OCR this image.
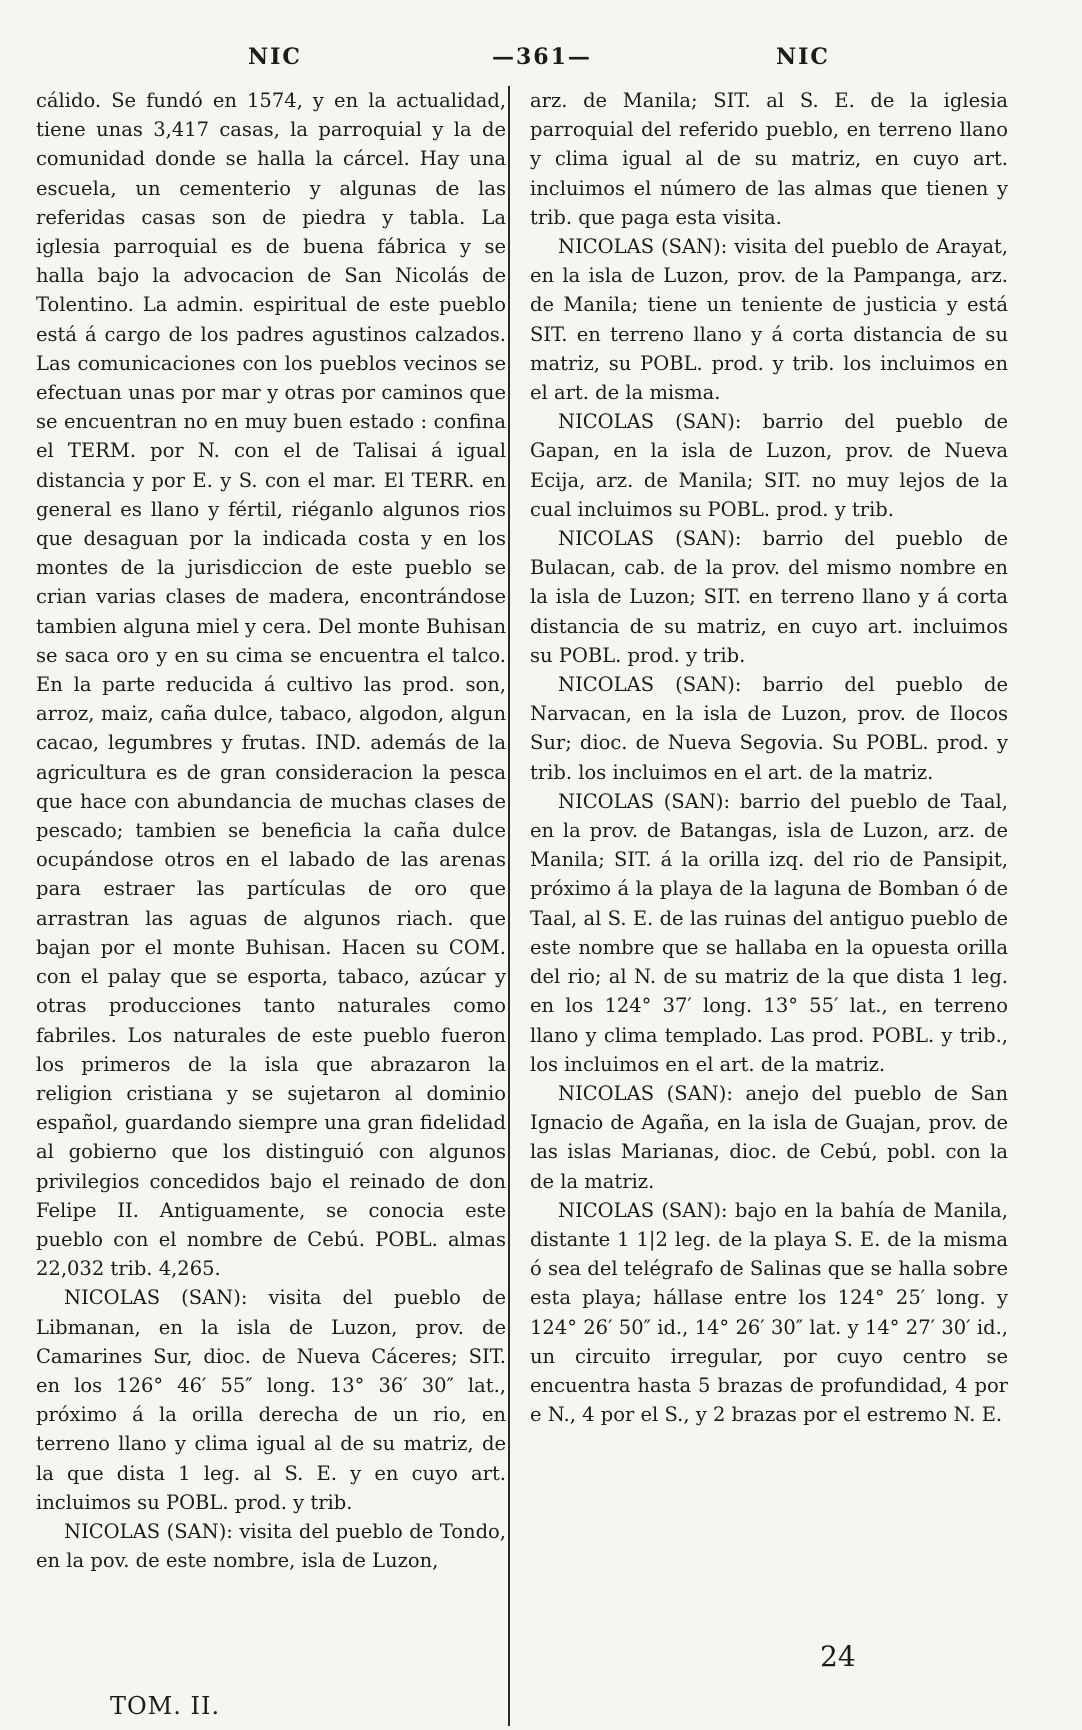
NIC	—361—	NIC

cálido. Se fundó en 1574, y en la actualidad, tiene unas 3,417 casas, la parroquial y la de comunidad donde se halla la cárcel. Hay una escuela, un cementerio y algunas de las referidas casas son de piedra y tabla. La iglesia parroquial es de buena fábrica y se halla bajo la advocacion de San Nicolás de Tolentino. La admin. espiritual de este pueblo está á cargo de los padres agustinos calzados. Las comunicaciones con los pueblos vecinos se efectuan unas por mar y otras por caminos que se encuentran no en muy buen estado : confina el TERM. por N. con el de Talisai á igual distancia y por E. y S. con el mar. El TERR. en general es llano y fértil, riéganlo algunos rios que desaguan por la indicada costa y en los montes de la jurisdiccion de este pueblo se crian varias clases de madera, encontrándose tambien alguna miel y cera. Del monte Buhisan se saca oro y en su cima se encuentra el talco. En la parte reducida á cultivo las prod. son, arroz, maiz, caña dulce, tabaco, algodon, algun cacao, legumbres y frutas. IND. además de la agricultura es de gran consideracion la pesca que hace con abundancia de muchas clases de pescado; tambien se beneficia la caña dulce ocupándose otros en el labado de las arenas para estraer las partículas de oro que arrastran las aguas de algunos riach. que bajan por el monte Buhisan. Hacen su COM. con el palay que se esporta, tabaco, azúcar y otras producciones tanto naturales como fabriles. Los naturales de este pueblo fueron los primeros de la isla que abrazaron la religion cristiana y se sujetaron al dominio español, guardando siempre una gran fidelidad al gobierno que los distinguió con algunos privilegios concedidos bajo el reinado de don Felipe II. Antiguamente, se conocia este pueblo con el nombre de Cebú. POBL. almas 22,032 trib. 4,265.

NICOLAS (SAN): visita del pueblo de Libmanan, en la isla de Luzon, prov. de Camarines Sur, dioc. de Nueva Cáceres; SIT. en los 126° 46′ 55″ long. 13° 36′ 30″ lat., próximo á la orilla derecha de un rio, en terreno llano y clima igual al de su matriz, de la que dista 1 leg. al S. E. y en cuyo art. incluimos su POBL. prod. y trib.

NICOLAS (SAN): visita del pueblo de Tondo, en la pov. de este nombre, isla de Luzon,

arz. de Manila; SIT. al S. E. de la iglesia parroquial del referido pueblo, en terreno llano y clima igual al de su matriz, en cuyo art. incluimos el número de las almas que tienen y trib. que paga esta visita.

NICOLAS (SAN): visita del pueblo de Arayat, en la isla de Luzon, prov. de la Pampanga, arz. de Manila; tiene un teniente de justicia y está SIT. en terreno llano y á corta distancia de su matriz, su POBL. prod. y trib. los incluimos en el art. de la misma.

NICOLAS (SAN): barrio del pueblo de Gapan, en la isla de Luzon, prov. de Nueva Ecija, arz. de Manila; SIT. no muy lejos de la cual incluimos su POBL. prod. y trib.

NICOLAS (SAN): barrio del pueblo de Bulacan, cab. de la prov. del mismo nombre en la isla de Luzon; SIT. en terreno llano y á corta distancia de su matriz, en cuyo art. incluimos su POBL. prod. y trib.

NICOLAS (SAN): barrio del pueblo de Narvacan, en la isla de Luzon, prov. de Ilocos Sur; dioc. de Nueva Segovia. Su POBL. prod. y trib. los incluimos en el art. de la matriz.

NICOLAS (SAN): barrio del pueblo de Taal, en la prov. de Batangas, isla de Luzon, arz. de Manila; SIT. á la orilla izq. del rio de Pansipit, próximo á la playa de la laguna de Bomban ó de Taal, al S. E. de las ruinas del antiguo pueblo de este nombre que se hallaba en la opuesta orilla del rio; al N. de su matriz de la que dista 1 leg. en los 124° 37′ long. 13° 55′ lat., en terreno llano y clima templado. Las prod. POBL. y trib., los incluimos en el art. de la matriz.

NICOLAS (SAN): anejo del pueblo de San Ignacio de Agaña, en la isla de Guajan, prov. de las islas Marianas, dioc. de Cebú, pobl. con la de la matriz.

NICOLAS (SAN): bajo en la bahía de Manila, distante 1 1|2 leg. de la playa S. E. de la misma ó sea del telégrafo de Salinas que se halla sobre esta playa; hállase entre los 124° 25′ long. y 124° 26′ 50″ id., 14° 26′ 30″ lat. y 14° 27′ 30′ id., un circuito irregular, por cuyo centro se encuentra hasta 5 brazas de profundidad, 4 por e N., 4 por el S., y 2 brazas por el estremo N. E.

TOM. II.
24
